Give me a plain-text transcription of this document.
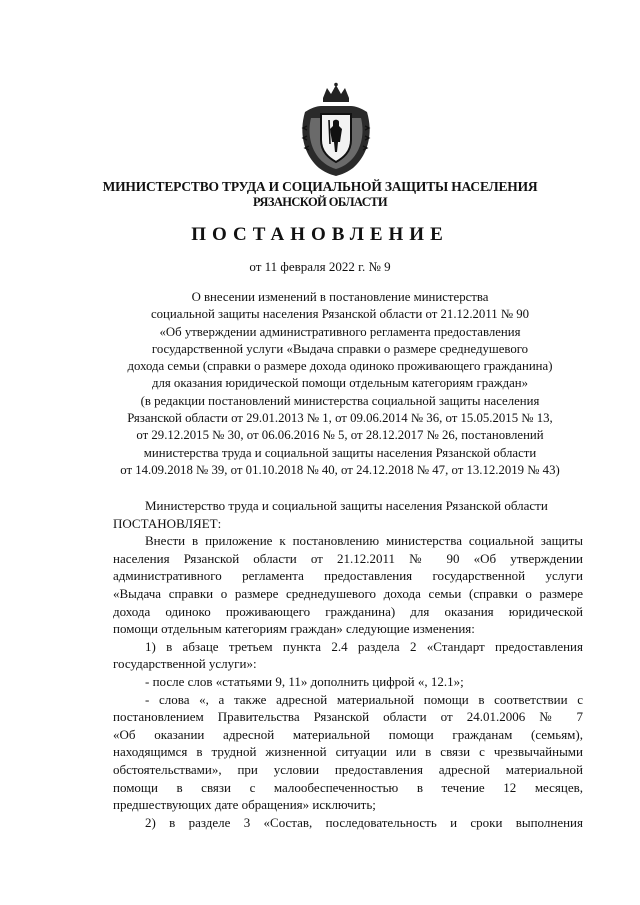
МИНИСТЕРСТВО ТРУДА И СОЦИАЛЬНОЙ ЗАЩИТЫ НАСЕЛЕНИЯ
РЯЗАНСКОЙ ОБЛАСТИ
ПОСТАНОВЛЕНИЕ
от 11 февраля 2022 г. № 9
О внесении изменений в постановление министерства
социальной защиты населения Рязанской области от 21.12.2011 № 90
«Об утверждении административного регламента предоставления
государственной услуги «Выдача справки о размере среднедушевого
дохода семьи (справки о размере дохода одиноко проживающего гражданина)
для оказания юридической помощи отдельным категориям граждан»
(в редакции постановлений министерства социальной защиты населения
Рязанской области от 29.01.2013 № 1, от 09.06.2014 № 36, от 15.05.2015 № 13,
от 29.12.2015 № 30, от 06.06.2016 № 5, от 28.12.2017 № 26, постановлений
министерства труда и социальной защиты населения Рязанской области
от 14.09.2018 № 39, от 01.10.2018 № 40, от 24.12.2018 № 47, от 13.12.2019 № 43)
Министерство труда и социальной защиты населения Рязанской области
ПОСТАНОВЛЯЕТ:
Внести в приложение к постановлению министерства социальной защиты
населения Рязанской области от 21.12.2011 № 90 «Об утверждении
административного регламента предоставления государственной услуги
«Выдача справки о размере среднедушевого дохода семьи (справки о размере
дохода одиноко проживающего гражданина) для оказания юридической
помощи отдельным категориям граждан» следующие изменения:
1) в абзаце третьем пункта 2.4 раздела 2 «Стандарт предоставления
государственной услуги»:
- после слов «статьями 9, 11» дополнить цифрой «, 12.1»;
- слова «, а также адресной материальной помощи в соответствии с
постановлением Правительства Рязанской области от 24.01.2006 № 7
«Об оказании адресной материальной помощи гражданам (семьям),
находящимся в трудной жизненной ситуации или в связи с чрезвычайными
обстоятельствами», при условии предоставления адресной материальной
помощи в связи с малообеспеченностью в течение 12 месяцев,
предшествующих дате обращения» исключить;
2) в разделе 3 «Состав, последовательность и сроки выполнения
